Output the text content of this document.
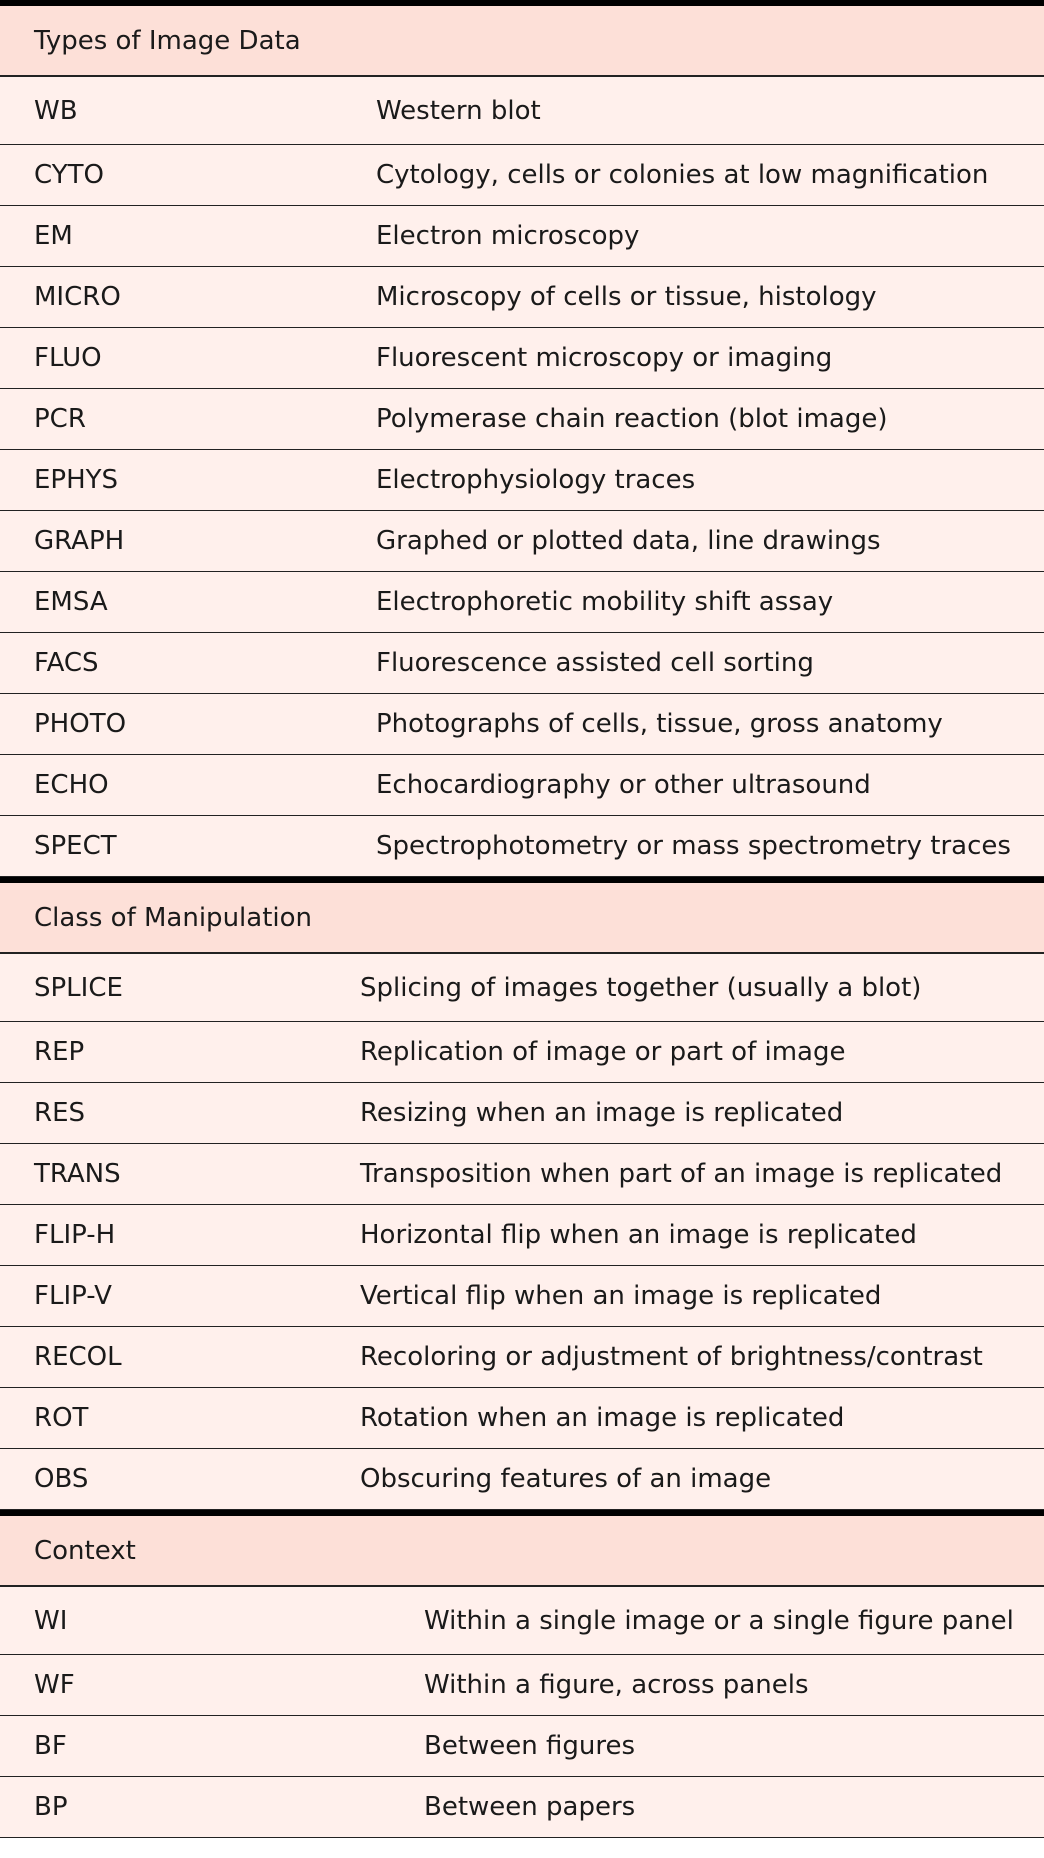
Types of Image Data
WB	Western blot
CYTO	Cytology, cells or colonies at low magnification
EM	Electron microscopy
MICRO	Microscopy of cells or tissue, histology
FLUO	Fluorescent microscopy or imaging
PCR	Polymerase chain reaction (blot image)
EPHYS	Electrophysiology traces
GRAPH	Graphed or plotted data, line drawings
EMSA	Electrophoretic mobility shift assay
FACS	Fluorescence assisted cell sorting
PHOTO	Photographs of cells, tissue, gross anatomy
ECHO	Echocardiography or other ultrasound
SPECT	Spectrophotometry or mass spectrometry traces
Class of Manipulation
SPLICE	Splicing of images together (usually a blot)
REP	Replication of image or part of image
RES	Resizing when an image is replicated
TRANS	Transposition when part of an image is replicated
FLIP-H	Horizontal flip when an image is replicated
FLIP-V	Vertical flip when an image is replicated
RECOL	Recoloring or adjustment of brightness/contrast
ROT	Rotation when an image is replicated
OBS	Obscuring features of an image
Context
WI	Within a single image or a single figure panel
WF	Within a figure, across panels
BF	Between figures
BP	Between papers
